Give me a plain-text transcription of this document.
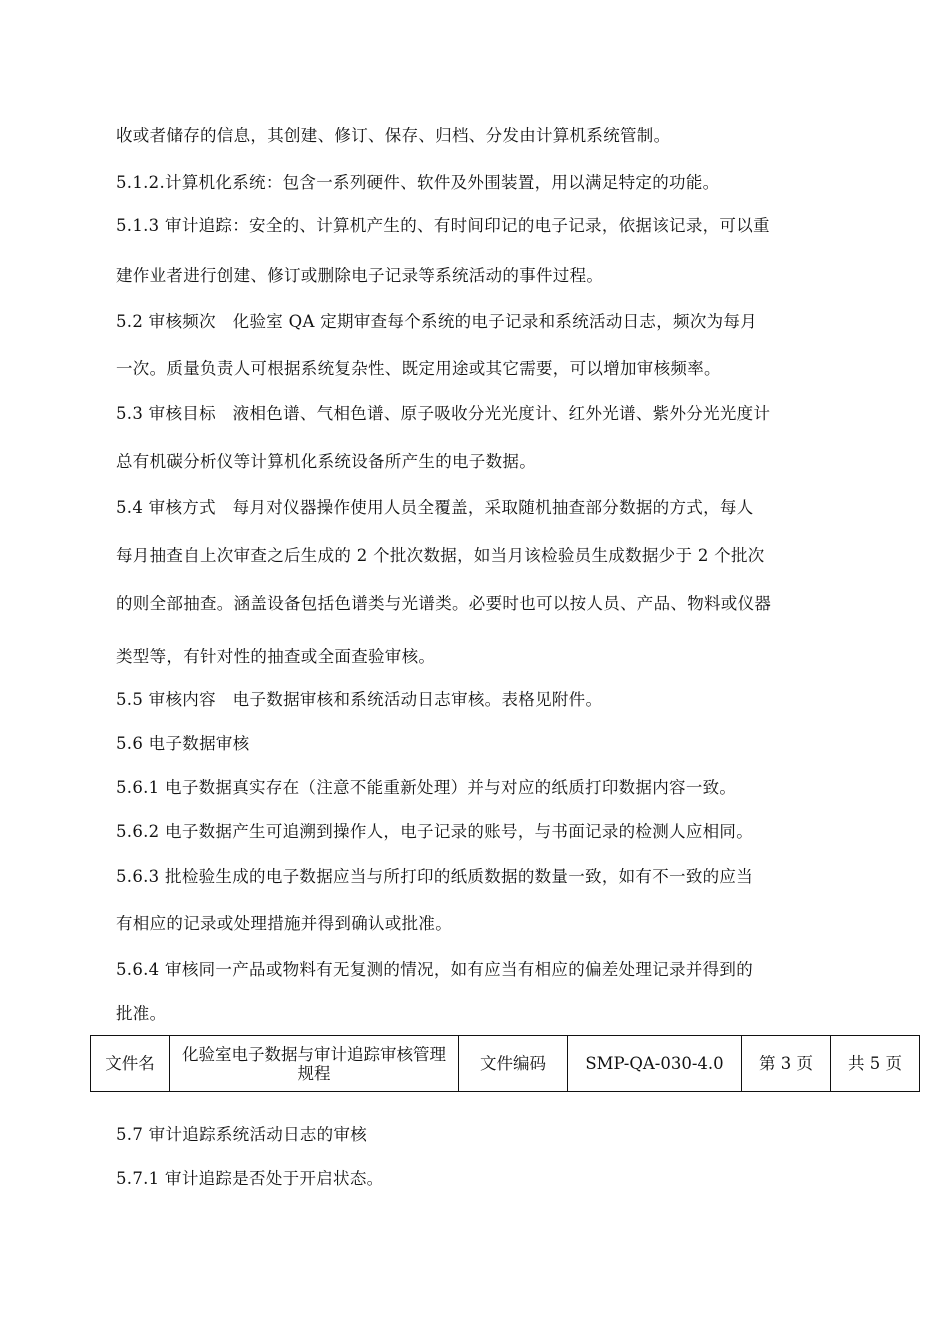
收或者储存的信息，其创建、修订、保存、归档、分发由计算机系统管制。
5.1.2.计算机化系统：包含一系列硬件、软件及外围装置，用以满足特定的功能。
5.1.3 审计追踪：安全的、计算机产生的、有时间印记的电子记录，依据该记录，可以重
建作业者进行创建、修订或删除电子记录等系统活动的事件过程。
5.2 审核频次　化验室 QA 定期审查每个系统的电子记录和系统活动日志，频次为每月
一次。质量负责人可根据系统复杂性、既定用途或其它需要，可以增加审核频率。
5.3 审核目标　液相色谱、气相色谱、原子吸收分光光度计、红外光谱、紫外分光光度计
总有机碳分析仪等计算机化系统设备所产生的电子数据。
5.4 审核方式　每月对仪器操作使用人员全覆盖，采取随机抽查部分数据的方式，每人
每月抽查自上次审查之后生成的 2 个批次数据，如当月该检验员生成数据少于 2 个批次
的则全部抽查。涵盖设备包括色谱类与光谱类。必要时也可以按人员、产品、物料或仪器
类型等，有针对性的抽查或全面查验审核。
5.5 审核内容　电子数据审核和系统活动日志审核。表格见附件。
5.6 电子数据审核
5.6.1 电子数据真实存在（注意不能重新处理）并与对应的纸质打印数据内容一致。
5.6.2 电子数据产生可追溯到操作人，电子记录的账号，与书面记录的检测人应相同。
5.6.3 批检验生成的电子数据应当与所打印的纸质数据的数量一致，如有不一致的应当
有相应的记录或处理措施并得到确认或批准。
5.6.4 审核同一产品或物料有无复测的情况，如有应当有相应的偏差处理记录并得到的
批准。
文件名	化验室电子数据与审计追踪审核管理规程	文件编码	SMP-QA-030-4.0	第 3 页	共 5 页
5.7 审计追踪系统活动日志的审核
5.7.1 审计追踪是否处于开启状态。
